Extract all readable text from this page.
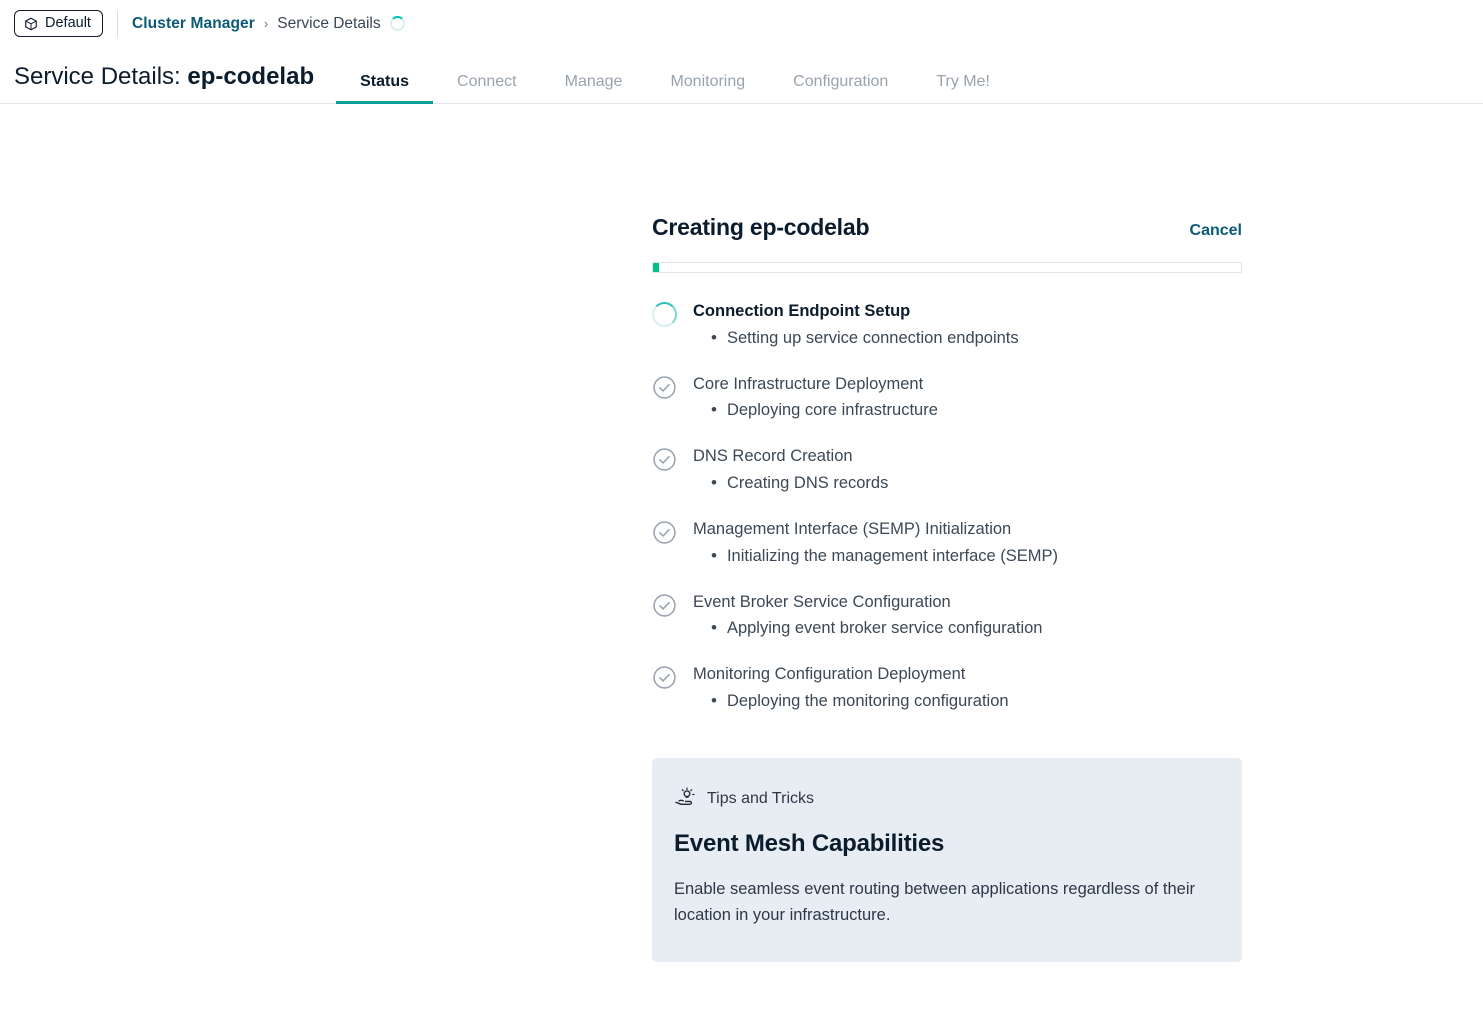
Default	Cluster Manager › Service Details
Service Details: ep-codelab	Status	Connect	Manage	Monitoring	Configuration	Try Me!
Creating ep-codelab	Cancel
Connection Endpoint Setup
• Setting up service connection endpoints
Core Infrastructure Deployment
• Deploying core infrastructure
DNS Record Creation
• Creating DNS records
Management Interface (SEMP) Initialization
• Initializing the management interface (SEMP)
Event Broker Service Configuration
• Applying event broker service configuration
Monitoring Configuration Deployment
• Deploying the monitoring configuration
Tips and Tricks
Event Mesh Capabilities
Enable seamless event routing between applications regardless of their location in your infrastructure.
